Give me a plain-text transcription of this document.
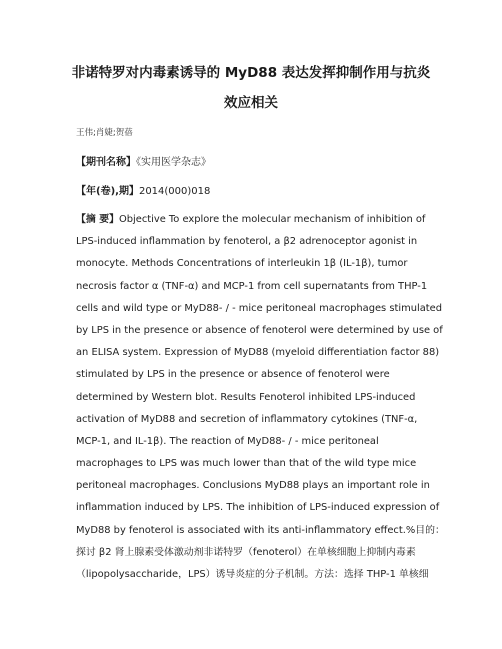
非诺特罗对内毒素诱导的 MyD88 表达发挥抑制作用与抗炎
效应相关
王伟;肖婕;贺蓓
【期刊名称】《实用医学杂志》
【年(卷),期】2014(000)018
【摘 要】Objective To explore the molecular mechanism of inhibition of
LPS-induced inflammation by fenoterol, a β2 adrenoceptor agonist in
monocyte. Methods Concentrations of interleukin 1β (IL-1β), tumor
necrosis factor α (TNF-α) and MCP-1 from cell supernatants from THP-1
cells and wild type or MyD88- / - mice peritoneal macrophages stimulated
by LPS in the presence or absence of fenoterol were determined by use of
an ELISA system. Expression of MyD88 (myeloid differentiation factor 88)
stimulated by LPS in the presence or absence of fenoterol were
determined by Western blot. Results Fenoterol inhibited LPS-induced
activation of MyD88 and secretion of inflammatory cytokines (TNF-α,
MCP-1, and IL-1β). The reaction of MyD88- / - mice peritoneal
macrophages to LPS was much lower than that of the wild type mice
peritoneal macrophages. Conclusions MyD88 plays an important role in
inflammation induced by LPS. The inhibition of LPS-induced expression of
MyD88 by fenoterol is associated with its anti-inflammatory effect.%目的：
探讨 β2 肾上腺素受体激动剂非诺特罗（fenoterol）在单核细胞上抑制内毒素
（lipopolysaccharide，LPS）诱导炎症的分子机制。方法：选择 THP-1 单核细
